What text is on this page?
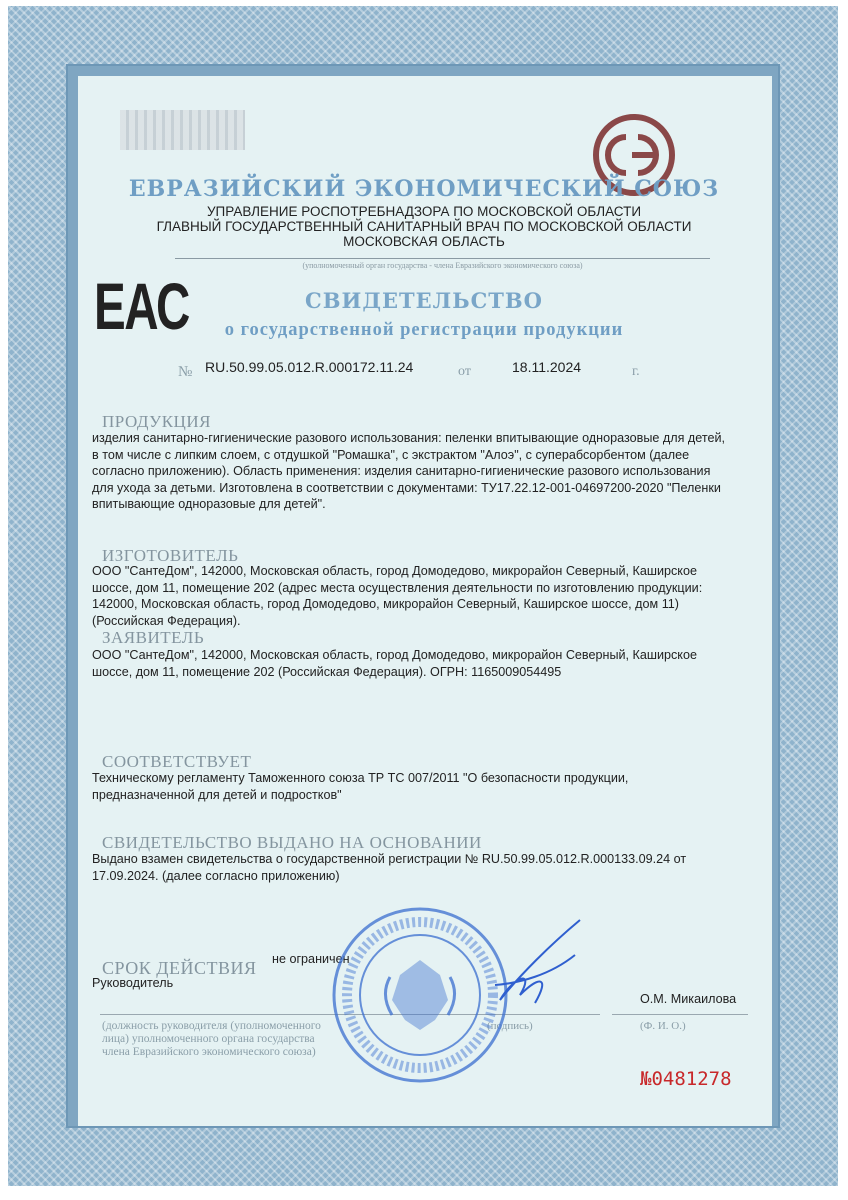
ЕВРАЗИЙСКИЙ ЭКОНОМИЧЕСКИЙ СОЮЗ
УПРАВЛЕНИЕ РОСПОТРЕБНАДЗОРА ПО МОСКОВСКОЙ ОБЛАСТИ
ГЛАВНЫЙ ГОСУДАРСТВЕННЫЙ САНИТАРНЫЙ ВРАЧ ПО МОСКОВСКОЙ ОБЛАСТИ
МОСКОВСКАЯ ОБЛАСТЬ
(уполномоченный орган государства - члена Евразийского экономического союза)
ЕАС	СВИДЕТЕЛЬСТВО
о государственной регистрации продукции
№ RU.50.99.05.012.R.000172.11.24	от	18.11.2024	г.
ПРОДУКЦИЯ
изделия санитарно-гигиенические разового использования: пеленки впитывающие одноразовые для детей, в том числе с липким слоем, с отдушкой "Ромашка", с экстрактом "Алоэ", с суперабсорбентом (далее согласно приложению). Область применения: изделия санитарно-гигиенические разового использования для ухода за детьми. Изготовлена в соответствии с документами: ТУ17.22.12-001-04697200-2020 "Пеленки впитывающие одноразовые для детей".
ИЗГОТОВИТЕЛЬ
ООО "СантеДом", 142000, Московская область, город Домодедово, микрорайон Северный, Каширское шоссе, дом 11, помещение 202 (адрес места осуществления деятельности по изготовлению продукции: 142000, Московская область, город Домодедово, микрорайон Северный, Каширское шоссе, дом 11) (Российская Федерация).
ЗАЯВИТЕЛЬ
ООО "СантеДом", 142000, Московская область, город Домодедово, микрорайон Северный, Каширское шоссе, дом 11, помещение 202 (Российская Федерация). ОГРН: 1165009054495
СООТВЕТСТВУЕТ
Техническому регламенту Таможенного союза ТР ТС 007/2011 "О безопасности продукции, предназначенной для детей и подростков"
СВИДЕТЕЛЬСТВО ВЫДАНО НА ОСНОВАНИИ
Выдано взамен свидетельства о государственной регистрации № RU.50.99.05.012.R.000133.09.24 от 17.09.2024. (далее согласно приложению)
СРОК ДЕЙСТВИЯ не ограничен
Руководитель
О.М. Микаилова
(должность руководителя (уполномоченного
лица) уполномоченного органа государства
члена Евразийского экономического союза)
(подпись)	(Ф. И. О.)
№0481278
